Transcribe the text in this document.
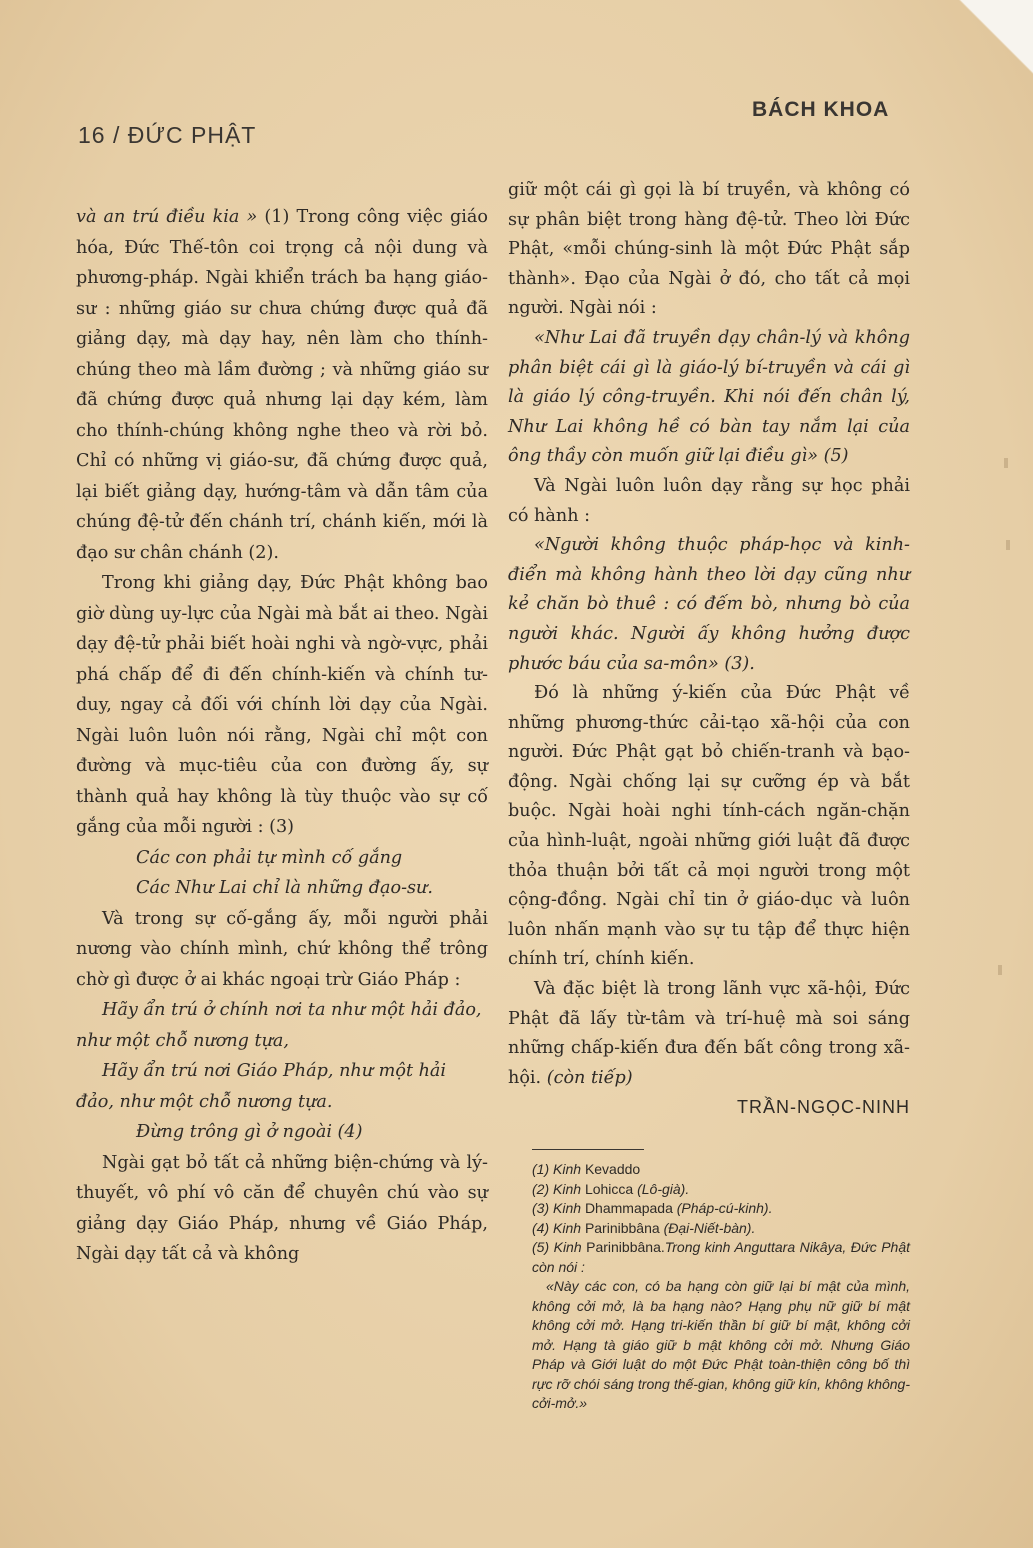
16 / ĐỨC PHẬT
BÁCH KHOA

và an trú điều kia » (1) Trong công việc giáo hóa, Đức Thế-tôn coi trọng cả nội dung và phương-pháp. Ngài khiển trách ba hạng giáo-sư : những giáo sư chưa chứng được quả đã giảng dạy, mà dạy hay, nên làm cho thính-chúng theo mà lầm đường ; và những giáo sư đã chứng được quả nhưng lại dạy kém, làm cho thính-chúng không nghe theo và rời bỏ. Chỉ có những vị giáo-sư, đã chứng được quả, lại biết giảng dạy, hướng-tâm và dẫn tâm của chúng đệ-tử đến chánh trí, chánh kiến, mới là đạo sư chân chánh (2).

Trong khi giảng dạy, Đức Phật không bao giờ dùng uy-lực của Ngài mà bắt ai theo. Ngài dạy đệ-tử phải biết hoài nghi và ngờ-vực, phải phá chấp để đi đến chính-kiến và chính tư-duy, ngay cả đối với chính lời dạy của Ngài. Ngài luôn luôn nói rằng, Ngài chỉ một con đường và mục-tiêu của con đường ấy, sự thành quả hay không là tùy thuộc vào sự cố gắng của mỗi người : (3)

Các con phải tự mình cố gắng

Các Như Lai chỉ là những đạo-sư.

Và trong sự cố-gắng ấy, mỗi người phải nương vào chính mình, chứ không thể trông chờ gì được ở ai khác ngoại trừ Giáo Pháp :

Hãy ẩn trú ở chính nơi ta như một hải đảo, như một chỗ nương tựa,

Hãy ẩn trú nơi Giáo Pháp, như một hải đảo, như một chỗ nương tựa.

Đừng trông gì ở ngoài (4)

Ngài gạt bỏ tất cả những biện-chứng và lý-thuyết, vô phí vô căn để chuyên chú vào sự giảng dạy Giáo Pháp, nhưng về Giáo Pháp, Ngài dạy tất cả và không

giữ một cái gì gọi là bí truyền, và không có sự phân biệt trong hàng đệ-tử. Theo lời Đức Phật, «mỗi chúng-sinh là một Đức Phật sắp thành». Đạo của Ngài ở đó, cho tất cả mọi người. Ngài nói :

«Như Lai đã truyền dạy chân-lý và không phân biệt cái gì là giáo-lý bí-truyền và cái gì là giáo lý công-truyền. Khi nói đến chân lý, Như Lai không hề có bàn tay nắm lại của ông thầy còn muốn giữ lại điều gì» (5)

Và Ngài luôn luôn dạy rằng sự học phải có hành :

«Người không thuộc pháp-học và kinh-điển mà không hành theo lời dạy cũng như kẻ chăn bò thuê : có đếm bò, nhưng bò của người khác. Người ấy không hưởng được phước báu của sa-môn» (3).

Đó là những ý-kiến của Đức Phật về những phương-thức cải-tạo xã-hội của con người. Đức Phật gạt bỏ chiến-tranh và bạo-động. Ngài chống lại sự cưỡng ép và bắt buộc. Ngài hoài nghi tính-cách ngăn-chặn của hình-luật, ngoài những giới luật đã được thỏa thuận bởi tất cả mọi người trong một cộng-đồng. Ngài chỉ tin ở giáo-dục và luôn luôn nhấn mạnh vào sự tu tập để thực hiện chính trí, chính kiến.

Và đặc biệt là trong lãnh vực xã-hội, Đức Phật đã lấy từ-tâm và trí-huệ mà soi sáng những chấp-kiến đưa đến bất công trong xã-hội. (còn tiếp)

TRẦN-NGỌC-NINH

(1) Kinh Kevaddo

(2) Kinh Lohicca (Lô-già).

(3) Kinh Dhammapada (Pháp-cú-kinh).

(4) Kinh Parinibbâna (Đại-Niết-bàn).

(5) Kinh Parinibbâna.Trong kinh Anguttara Nikâya, Đức Phật còn nói :

«Này các con, có ba hạng còn giữ lại bí mật của mình, không cởi mở, là ba hạng nào? Hạng phụ nữ giữ bí mật không cởi mở. Hạng tri-kiến thần bí giữ bí mật, không cởi mở. Hạng tà giáo giữ b mật không cởi mở. Nhưng Giáo Pháp và Giới luật do một Đức Phật toàn-thiện công bố thì rực rỡ chói sáng trong thế-gian, không giữ kín, không không-cởi-mở.»
